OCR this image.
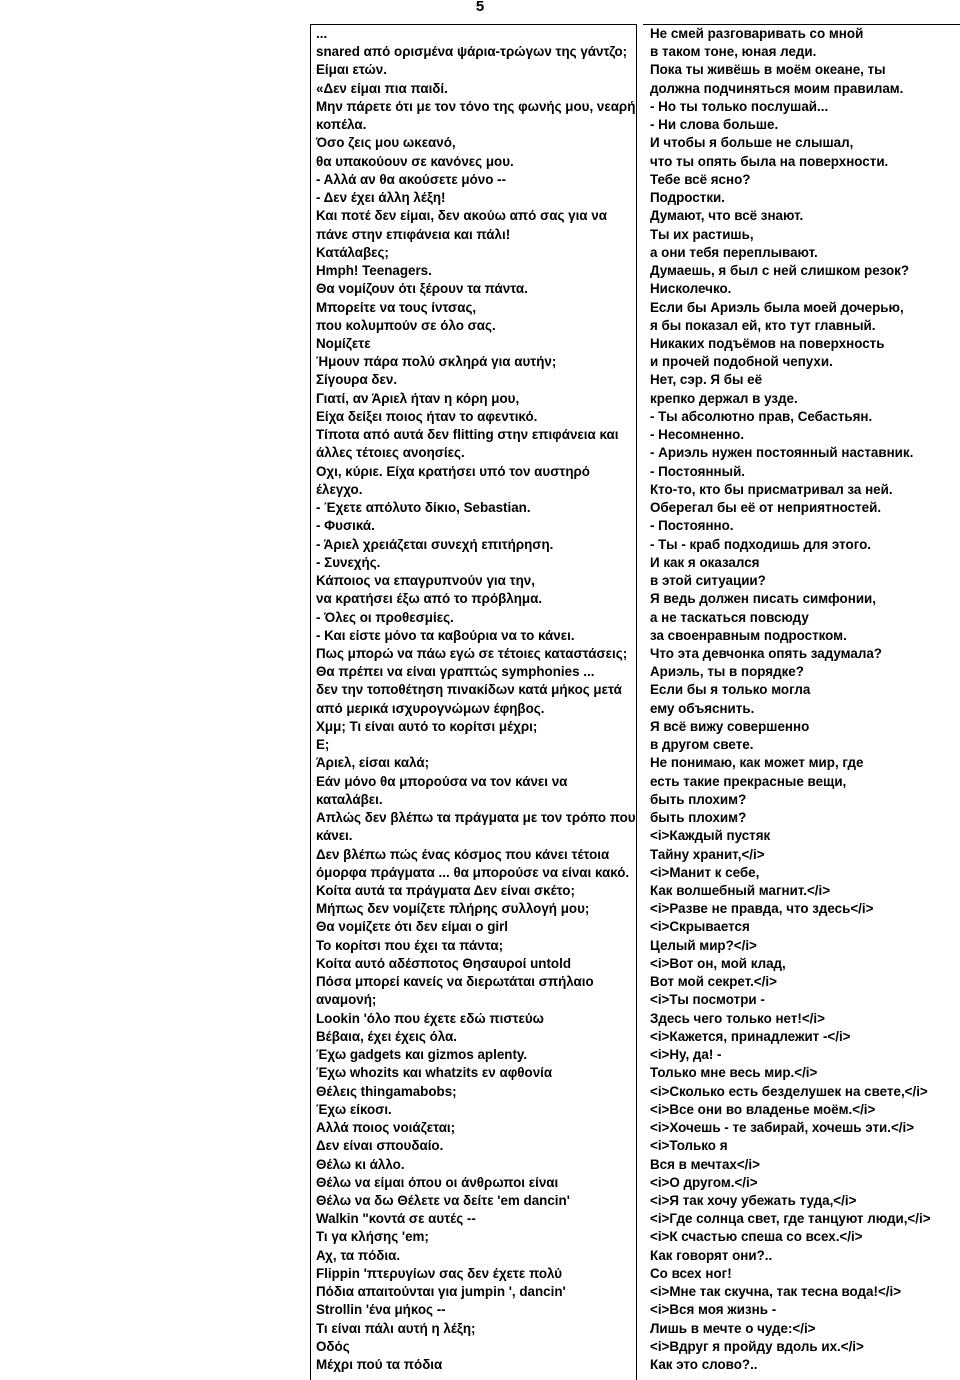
5
...
snared από ορισμένα ψάρια-τρώγων της γάντζο;
Είμαι ετών.
«Δεν είμαι πια παιδί.
Μην πάρετε ότι με τον τόνο της φωνής μου, νεαρή
κοπέλα.
Όσο ζεις μου ωκεανό,
θα υπακούουν σε κανόνες μου.
- Αλλά αν θα ακούσετε μόνο --
- Δεν έχει άλλη λέξη!
Και ποτέ δεν είμαι, δεν ακούω από σας για να
πάνε στην επιφάνεια και πάλι!
Κατάλαβες;
Hmph! Teenagers.
Θα νομίζουν ότι ξέρουν τα πάντα.
Μπορείτε να τους ίντσας,
που κολυμπούν σε όλο σας.
Νομίζετε
Ήμουν πάρα πολύ σκληρά για αυτήν;
Σίγουρα δεν.
Γιατί, αν Άριελ ήταν η κόρη μου,
Είχα δείξει ποιος ήταν το αφεντικό.
Τίποτα από αυτά δεν flitting στην επιφάνεια και
άλλες τέτοιες ανοησίες.
Οχι, κύριε. Είχα κρατήσει υπό τον αυστηρό
έλεγχο.
- Έχετε απόλυτο δίκιο, Sebastian.
- Φυσικά.
- Άριελ χρειάζεται συνεχή επιτήρηση.
- Συνεχής.
Κάποιος να επαγρυπνούν για την,
να κρατήσει έξω από το πρόβλημα.
- Όλες οι προθεσμίες.
- Και είστε μόνο τα καβούρια να το κάνει.
Πως μπορώ να πάω εγώ σε τέτοιες καταστάσεις;
Θα πρέπει να είναι γραπτώς symphonies ...
δεν την τοποθέτηση πινακίδων κατά μήκος μετά
από μερικά ισχυρογνώμων έφηβος.
Χμμ; Τι είναι αυτό το κορίτσι μέχρι;
Ε;
Άριελ, είσαι καλά;
Εάν μόνο θα μπορούσα να τον κάνει να
καταλάβει.
Απλώς δεν βλέπω τα πράγματα με τον τρόπο που
κάνει.
Δεν βλέπω πώς ένας κόσμος που κάνει τέτοια
όμορφα πράγματα ... θα μπορούσε να είναι κακό.
Κοίτα αυτά τα πράγματα Δεν είναι σκέτο;
Μήπως δεν νομίζετε πλήρης συλλογή μου;
Θα νομίζετε ότι δεν είμαι ο girl
Το κορίτσι που έχει τα πάντα;
Κοίτα αυτό αδέσποτος Θησαυροί untold
Πόσα μπορεί κανείς να διερωτάται σπήλαιο
αναμονή;
Lookin 'όλο που έχετε εδώ πιστεύω
Βέβαια, έχει έχεις όλα.
Έχω gadgets και gizmos aplenty.
Έχω whozits και whatzits εν αφθονία
Θέλεις thingamabobs;
Έχω είκοσι.
Αλλά ποιος νοιάζεται;
Δεν είναι σπουδαίο.
Θέλω κι άλλο.
Θέλω να είμαι όπου οι άνθρωποι είναι
Θέλω να δω Θέλετε να δείτε 'em dancin'
Walkin "κοντά σε αυτές --
Τι γα κλήσης 'em;
Αχ, τα πόδια.
Flippin 'πτερυγίων σας δεν έχετε πολύ
Πόδια απαιτούνται για jumpin ', dancin'
Strollin 'ένα μήκος --
Τι είναι πάλι αυτή η λέξη;
Οδός
Μέχρι πού τα πόδια
Не смей разговаривать со мной
в таком тоне, юная леди.
Пока ты живёшь в моём океане, ты
должна подчиняться моим правилам.
- Но ты только послушай...
- Ни слова больше.
И чтобы я больше не слышал,
что ты опять была на поверхности.
Тебе всё ясно?
Подростки.
Думают, что всё знают.
Ты их растишь,
а они тебя переплывают.
Думаешь, я был с ней слишком резок?
Нисколечко.
Если бы Ариэль была моей дочерью,
я бы показал ей, кто тут главный.
Никаких подъёмов на поверхность
и прочей подобной чепухи.
Нет, сэр. Я бы её
крепко держал в узде.
- Ты абсолютно прав, Себастьян.
- Несомненно.
- Ариэль нужен постоянный наставник.
- Постоянный.
Кто-то, кто бы присматривал за ней.
Оберегал бы её от неприятностей.
- Постоянно.
- Ты - краб подходишь для этого.
И как я оказался
в этой ситуации?
Я ведь должен писать симфонии,
а не таскаться повсюду
за своенравным подростком.
Что эта девчонка опять задумала?
Ариэль, ты в порядке?
Если бы я только могла
ему объяснить.
Я всё вижу совершенно
в другом свете.
Не понимаю, как может мир, где
есть такие прекрасные вещи,
быть плохим?
быть плохим?
<i>Каждый пустяк
Тайну хранит,</i>
<i>Манит к себе,
Как волшебный магнит.</i>
<i>Разве не правда, что здесь</i>
<i>Скрывается
Целый мир?</i>
<i>Вот он, мой клад,
Вот мой секрет.</i>
<i>Ты посмотри -
Здесь чего только нет!</i>
<i>Кажется, принадлежит -</i>
<i>Ну, да! -
Только мне весь мир.</i>
<i>Сколько есть безделушек на свете,</i>
<i>Все они во владенье моём.</i>
<i>Хочешь - те забирай, хочешь эти.</i>
<i>Только я
Вся в мечтах</i>
<i>О другом.</i>
<i>Я так хочу убежать туда,</i>
<i>Где солнца свет, где танцуют люди,</i>
<i>К счастью спеша со всех.</i>
Как говорят они?..
Со всех ног!
<i>Мне так скучна, так тесна вода!</i>
<i>Вся моя жизнь -
Лишь в мечте о чуде:</i>
<i>Вдруг я пройду вдоль их.</i>
Как это слово?..
